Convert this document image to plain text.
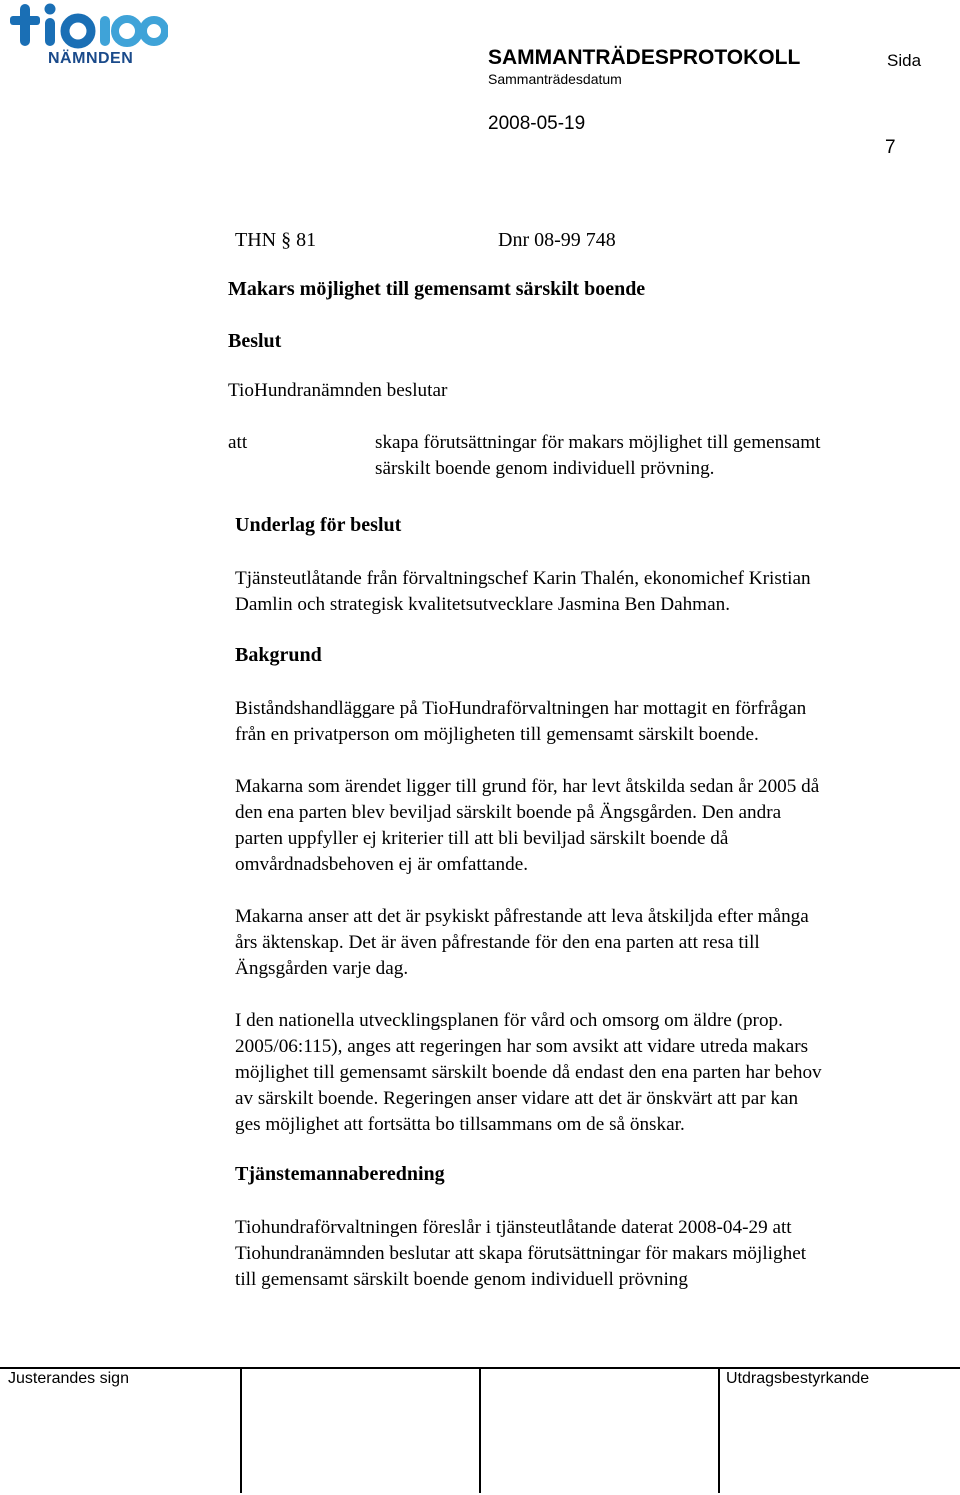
NÄMNDEN	SAMMANTRÄDESPROTOKOLL	Sida
Sammanträdesdatum
2008-05-19
7
THN § 81	Dnr 08-99 748
Makars möjlighet till gemensamt särskilt boende
Beslut
TioHundranämnden beslutar
att	skapa förutsättningar för makars möjlighet till gemensamt
särskilt boende genom individuell prövning.
Underlag för beslut
Tjänsteutlåtande från förvaltningschef Karin Thalén, ekonomichef Kristian
Damlin och strategisk kvalitetsutvecklare Jasmina Ben Dahman.
Bakgrund
Biståndshandläggare på TioHundraförvaltningen har mottagit en förfrågan
från en privatperson om möjligheten till gemensamt särskilt boende.
Makarna som ärendet ligger till grund för, har levt åtskilda sedan år 2005 då
den ena parten blev beviljad särskilt boende på Ängsgården. Den andra
parten uppfyller ej kriterier till att bli beviljad särskilt boende då
omvårdnadsbehoven ej är omfattande.
Makarna anser att det är psykiskt påfrestande att leva åtskiljda efter många
års äktenskap. Det är även påfrestande för den ena parten att resa till
Ängsgården varje dag.
I den nationella utvecklingsplanen för vård och omsorg om äldre (prop.
2005/06:115), anges att regeringen har som avsikt att vidare utreda makars
möjlighet till gemensamt särskilt boende då endast den ena parten har behov
av särskilt boende. Regeringen anser vidare att det är önskvärt att par kan
ges möjlighet att fortsätta bo tillsammans om de så önskar.
Tjänstemannaberedning
Tiohundraförvaltningen föreslår i tjänsteutlåtande daterat 2008-04-29 att
Tiohundranämnden beslutar att skapa förutsättningar för makars möjlighet
till gemensamt särskilt boende genom individuell prövning
Justerandes sign	Utdragsbestyrkande
